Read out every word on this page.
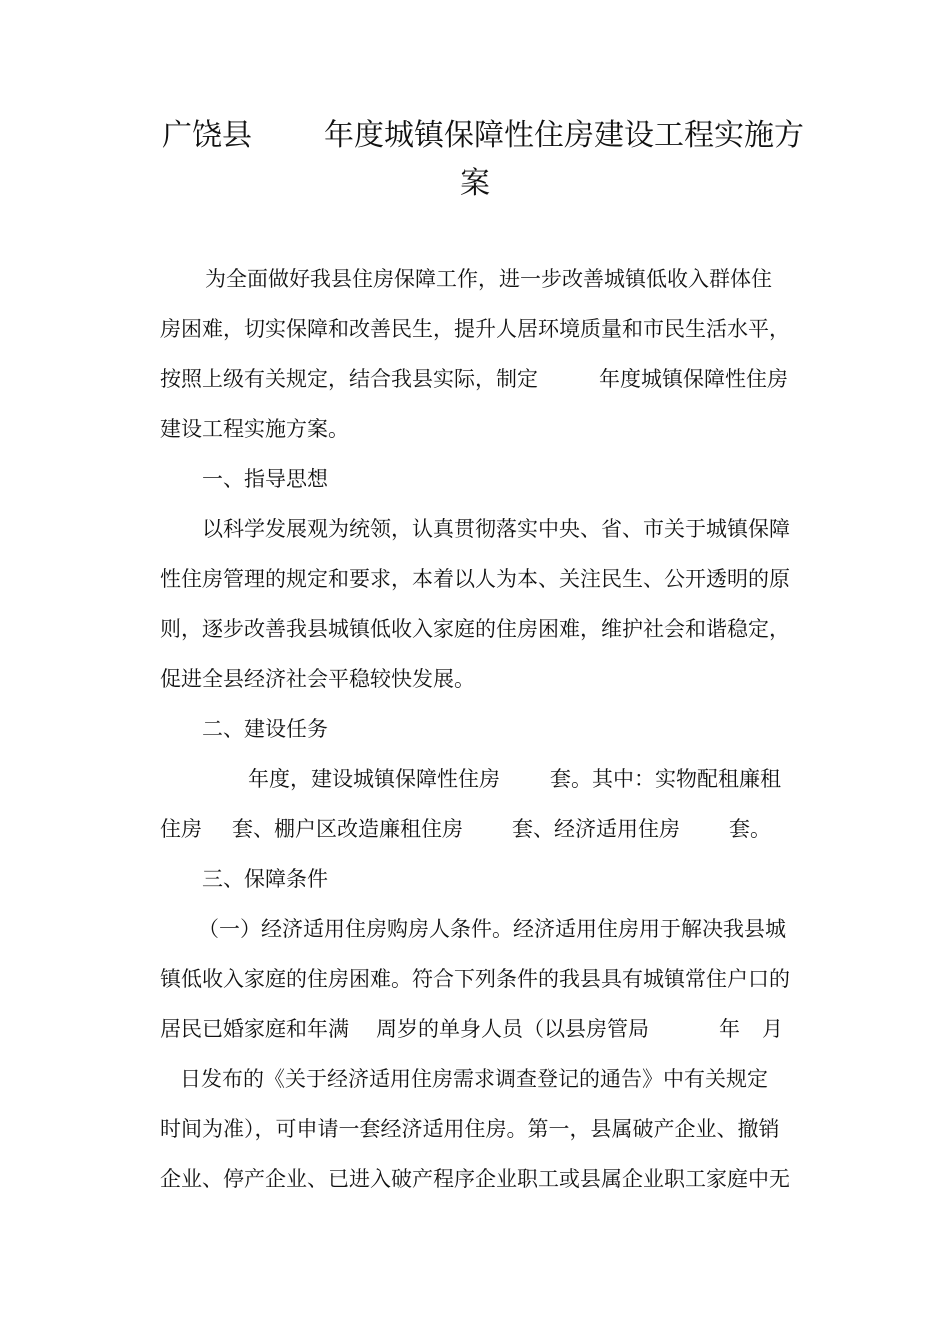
广饶县 年度城镇保障性住房建设工程实施方
案
为全面做好我县住房保障工作，进一步改善城镇低收入群体住
房困难，切实保障和改善民生，提升人居环境质量和市民生活水平，
按照上级有关规定，结合我县实际，制定	年度城镇保障性住房
建设工程实施方案。
一、指导思想
以科学发展观为统领，认真贯彻落实中央、省、市关于城镇保障
性住房管理的规定和要求，本着以人为本、关注民生、公开透明的原
则，逐步改善我县城镇低收入家庭的住房困难，维护社会和谐稳定，
促进全县经济社会平稳较快发展。
二、建设任务
年度，建设城镇保障性住房 套。其中：实物配租廉租
住房 套、棚户区改造廉租住房 套、经济适用住房 套。
三、保障条件
（一）经济适用住房购房人条件。经济适用住房用于解决我县城
镇低收入家庭的住房困难。符合下列条件的我县具有城镇常住户口的
居民已婚家庭和年满 周岁的单身人员（以县房管局	年 月
日发布的《关于经济适用住房需求调查登记的通告》中有关规定
时间为准），可申请一套经济适用住房。第一，县属破产企业、撤销
企业、停产企业、已进入破产程序企业职工或县属企业职工家庭中无
